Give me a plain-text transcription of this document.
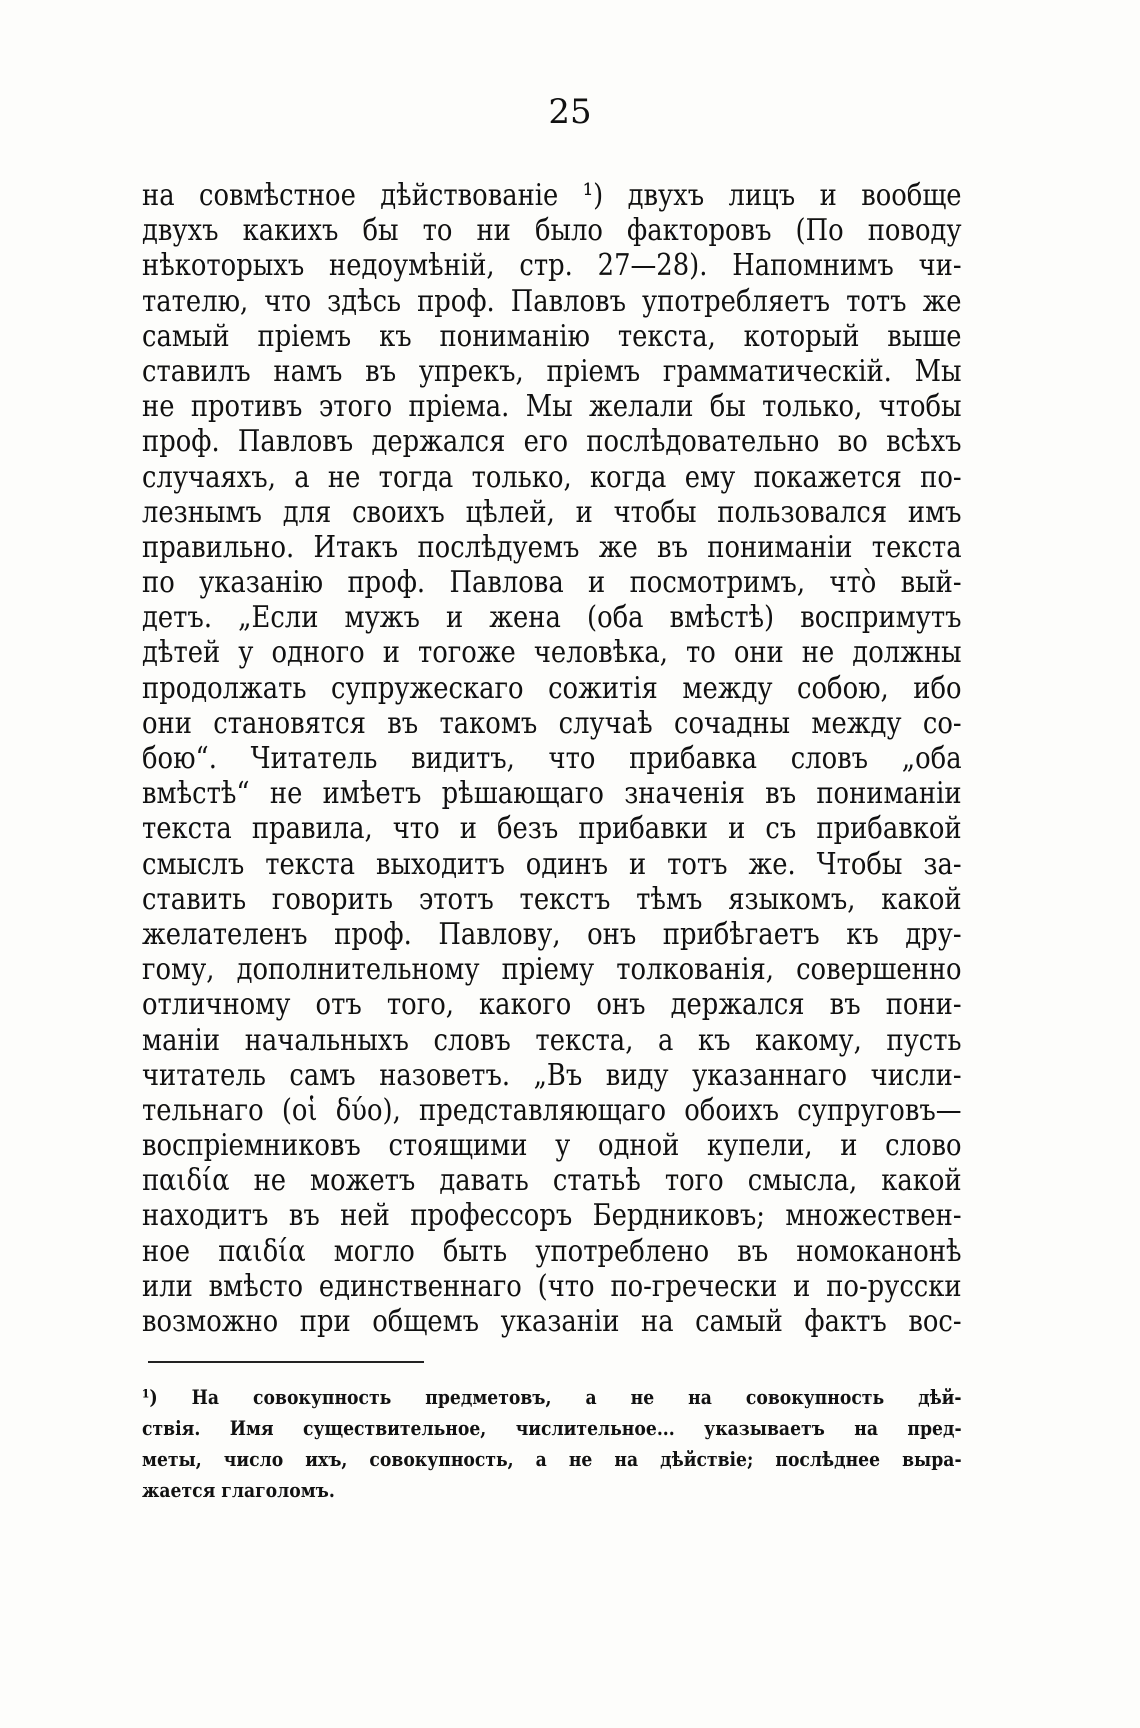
25
на совмѣстное дѣйствованіе ¹) двухъ лицъ и вообще
двухъ какихъ бы то ни было факторовъ (По поводу
нѣкоторыхъ недоумѣній, стр. 27—28). Напомнимъ чи-
тателю, что здѣсь проф. Павловъ употребляетъ тотъ же
самый пріемъ къ пониманію текста, который выше
ставилъ намъ въ упрекъ, пріемъ грамматическій. Мы
не противъ этого пріема. Мы желали бы только, чтобы
проф. Павловъ держался его послѣдовательно во всѣхъ
случаяхъ, а не тогда только, когда ему покажется по-
лезнымъ для своихъ цѣлей, и чтобы пользовался имъ
правильно. Итакъ послѣдуемъ же въ пониманіи текста
по указанію проф. Павлова и посмотримъ, что̀ вый-
детъ. „Если мужъ и жена (оба вмѣстѣ) воспримутъ
дѣтей у одного и тогоже человѣка, то они не должны
продолжать супружескаго сожитія между собою, ибо
они становятся въ такомъ случаѣ сочадны между со-
бою“. Читатель видитъ, что прибавка словъ „оба
вмѣстѣ“ не имѣетъ рѣшающаго значенія въ пониманіи
текста правила, что и безъ прибавки и съ прибавкой
смыслъ текста выходитъ одинъ и тотъ же. Чтобы за-
ставить говорить этотъ текстъ тѣмъ языкомъ, какой
желателенъ проф. Павлову, онъ прибѣгаетъ къ дру-
гому, дополнительному пріему толкованія, совершенно
отличному отъ того, какого онъ держался въ пони-
маніи начальныхъ словъ текста, а къ какому, пусть
читатель самъ назоветъ. „Въ виду указаннаго числи-
тельнаго (οἱ δύο), представляющаго обоихъ супруговъ—
воспріемниковъ стоящими у одной купели, и слово
παιδία не можетъ давать статьѣ того смысла, какой
находитъ въ ней профессоръ Бердниковъ; множествен-
ное παιδία могло быть употреблено въ номоканонѣ
или вмѣсто единственнаго (что по-гречески и по-русски
возможно при общемъ указаніи на самый фактъ вос-
¹) На совокупность предметовъ, а не на совокупность дѣй-
ствія. Имя существительное, числительное... указываетъ на пред-
меты, число ихъ, совокупность, а не на дѣйствіе; послѣднее выра-
жается глаголомъ.
